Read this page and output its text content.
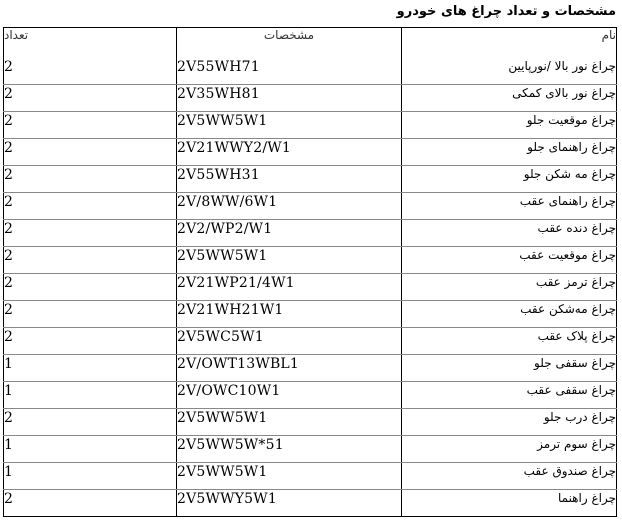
مشخصات و تعداد چراغ های خودرو
تعداد	مشخصات	نام
2	2V55WH71	چراغ نور بالا /نورپایین
2	2V35WH81	چراغ نور بالای کمکی
2	2V5WW5W1	چراغ موقعیت جلو
2	2V21WWY2/W1	چراغ راهنمای جلو
2	2V55WH31	چراغ مه شکن جلو
2	2V/8WW/6W1	چراغ راهنمای عقب
2	2V2/WP2/W1	چراغ دنده عقب
2	2V5WW5W1	چراغ موقعیت عقب
2	2V21WP21/4W1	چراغ ترمز عقب
2	2V21WH21W1	چراغ مه‌شکن عقب
2	2V5WC5W1	چراغ پلاک عقب
1	2V/OWT13WBL1	چراغ سقفی جلو
1	2V/OWC10W1	چراغ سقفی عقب
2	2V5WW5W1	چراغ درب جلو
1	2V5WW5W*51	چراغ سوم ترمز
1	2V5WW5W1	چراغ صندوق عقب
2	2V5WWY5W1	چراغ راهنما
